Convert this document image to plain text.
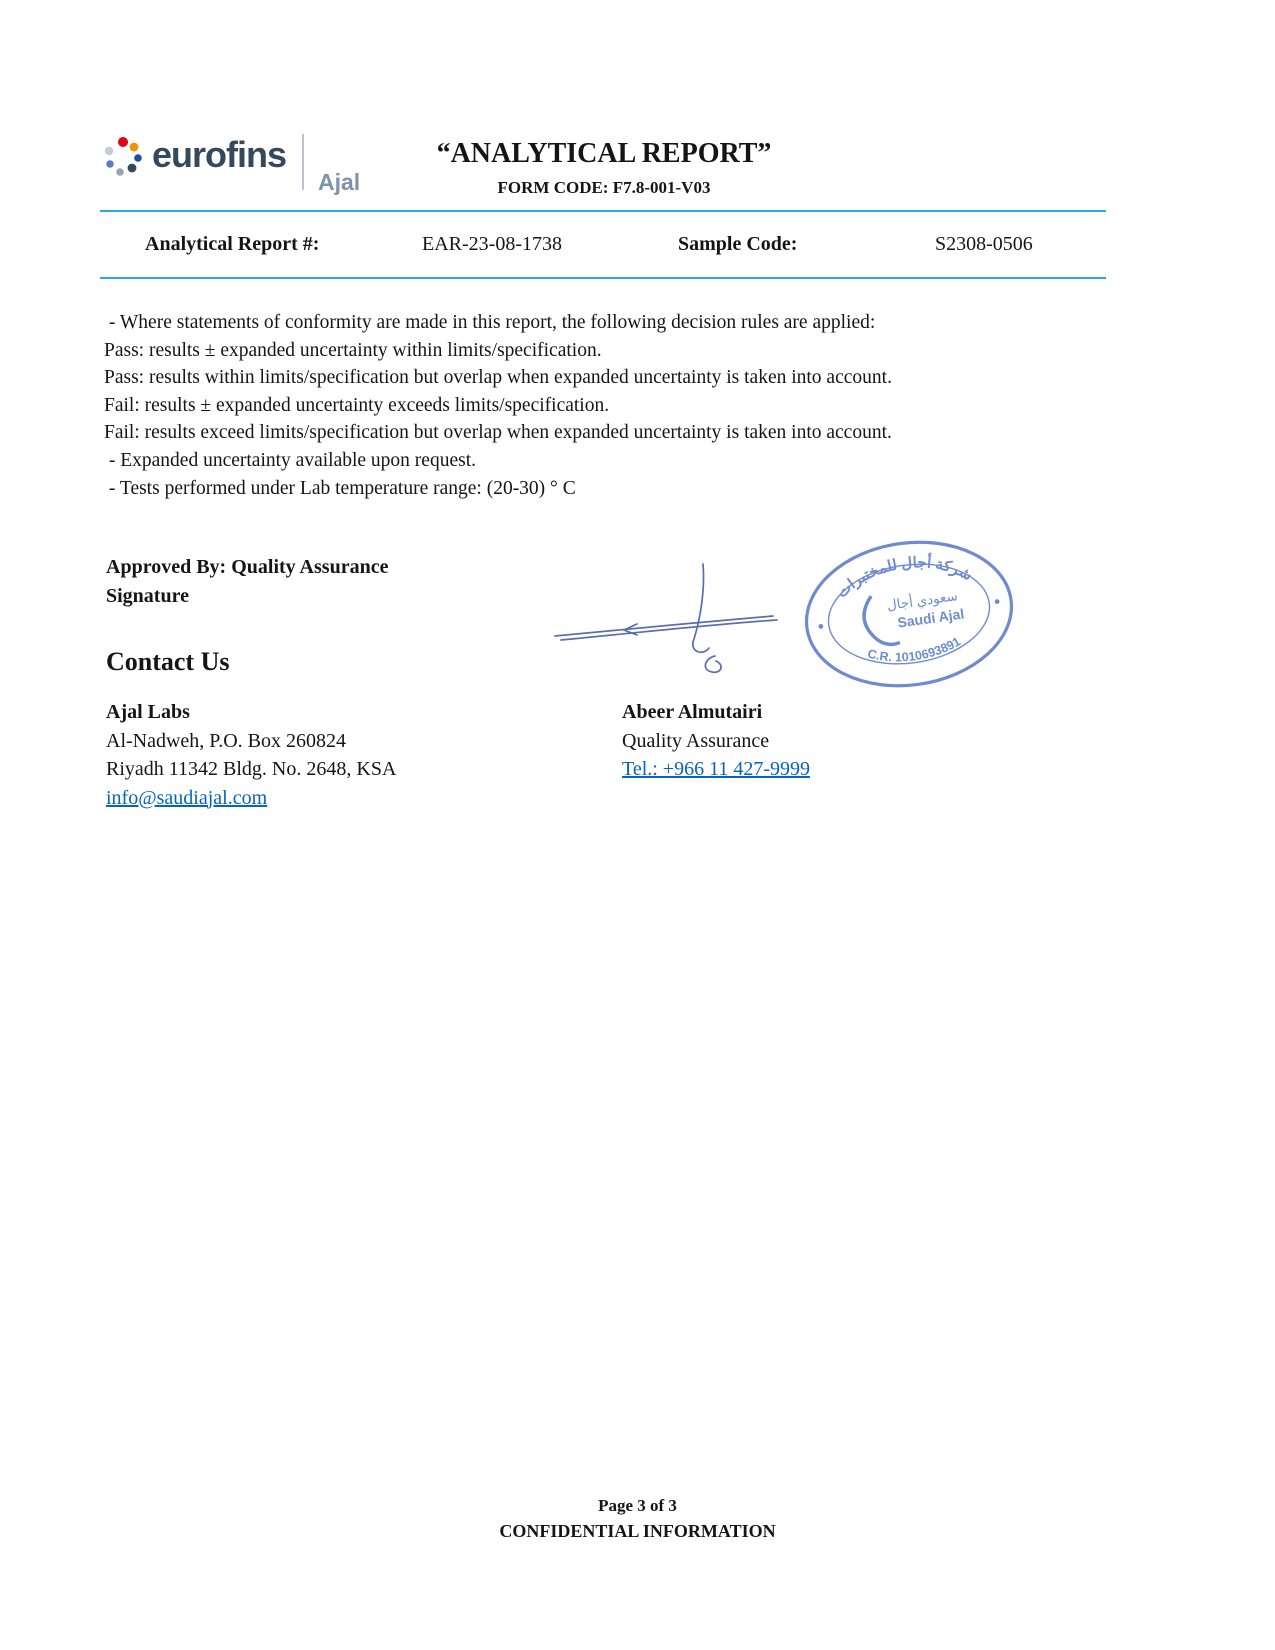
eurofins
Ajal
“ANALYTICAL REPORT”
FORM CODE: F7.8-001-V03
Analytical Report #:	EAR-23-08-1738	Sample Code:	S2308-0506

- Where statements of conformity are made in this report, the following decision rules are applied:

Pass: results ± expanded uncertainty within limits/specification.

Pass: results within limits/specification but overlap when expanded uncertainty is taken into account.

Fail: results ± expanded uncertainty exceeds limits/specification.

Fail: results exceed limits/specification but overlap when expanded uncertainty is taken into account.

- Expanded uncertainty available upon request.

- Tests performed under Lab temperature range: (20-30) ° C

Approved By: Quality Assurance
Signature	شركة أجال للمختبرات
C.R. 1010693891
سعودي أجال
Saudi Ajal
Contact Us
Ajal Labs
Al-Nadweh, P.O. Box 260824
Riyadh 11342 Bldg. No. 2648, KSA
info@saudiajal.com
Abeer Almutairi
Quality Assurance
Tel.: +966 11 427-9999
Page 3 of 3
CONFIDENTIAL INFORMATION
